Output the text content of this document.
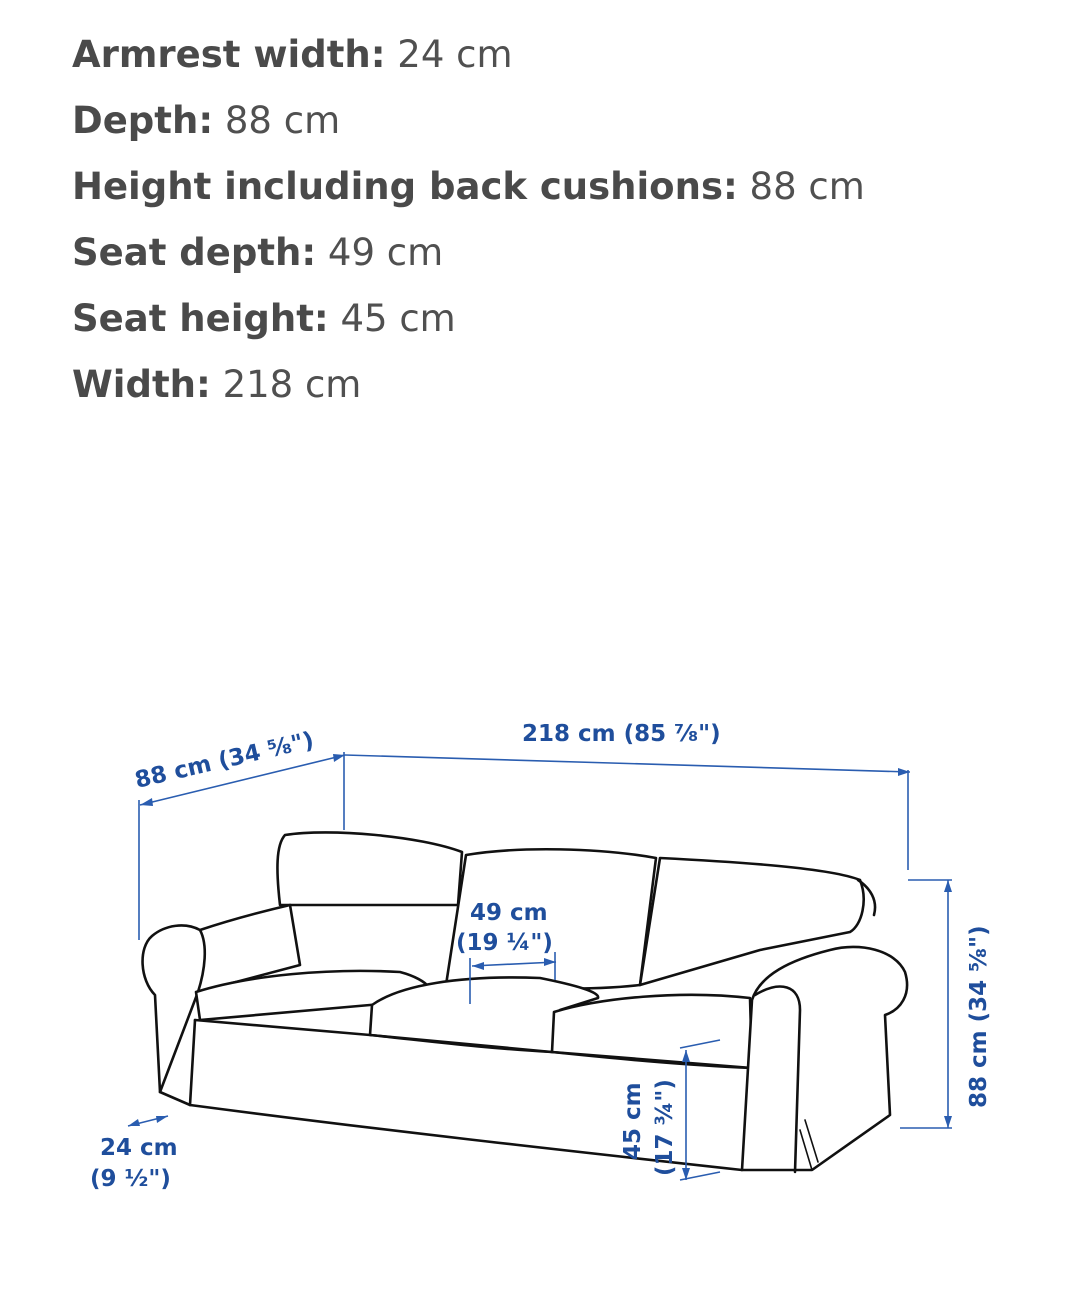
Armrest width: 24 cm
Depth: 88 cm
Height including back cushions: 88 cm
Seat depth: 49 cm
Seat height: 45 cm
Width: 218 cm
88 cm (34 ⁵⁄₈")	218 cm (85 ⁷⁄₈")
88 cm (34 ⁵⁄₈")
49 cm
(19 ¼")
24 cm
(9 ½")
45 cm (17 ¾")
